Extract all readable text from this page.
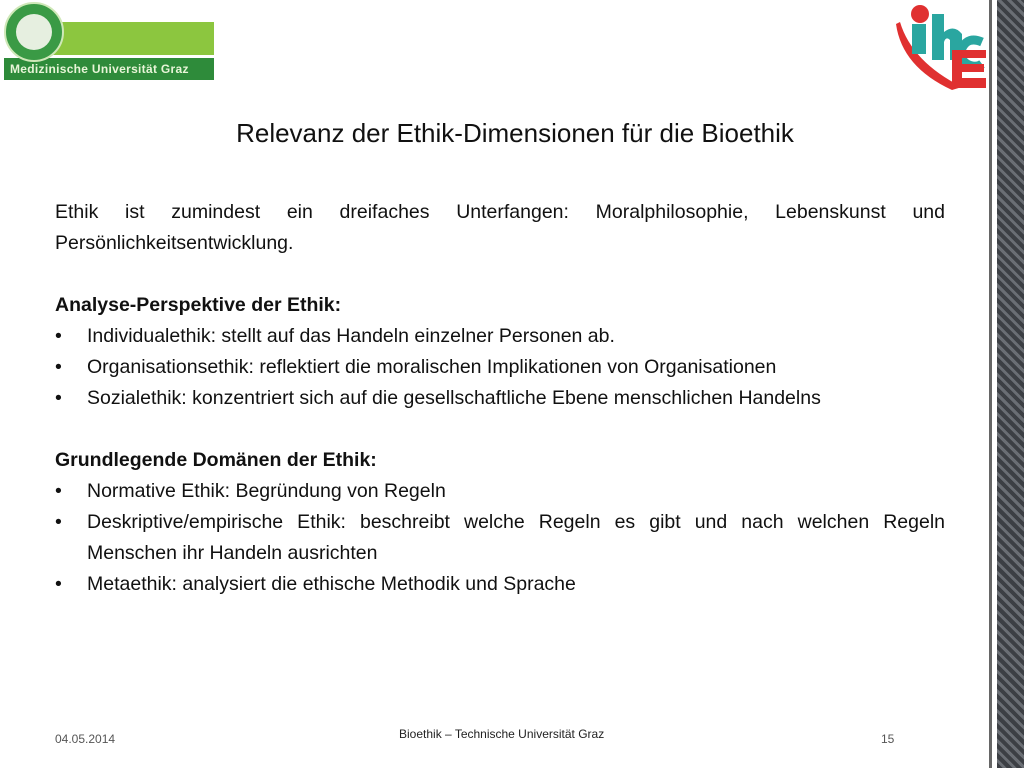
Medizinische Universität Graz
Relevanz der Ethik-Dimensionen für die Bioethik

Ethik ist zumindest ein dreifaches Unterfangen: Moralphilosophie, Lebenskunst und Persönlichkeitsentwicklung.

Analyse-Perspektive der Ethik:

• Individualethik: stellt auf das Handeln einzelner Personen ab.
• Organisationsethik: reflektiert die moralischen Implikationen von Organisationen
• Sozialethik: konzentriert sich auf die gesellschaftliche Ebene menschlichen Handelns

Grundlegende Domänen der Ethik:

• Normative Ethik: Begründung von Regeln
• Deskriptive/empirische Ethik: beschreibt welche Regeln es gibt und nach welchen Regeln Menschen ihr Handeln ausrichten
• Metaethik: analysiert die ethische Methodik und Sprache
04.05.2014	Bioethik – Technische Universität Graz	15
